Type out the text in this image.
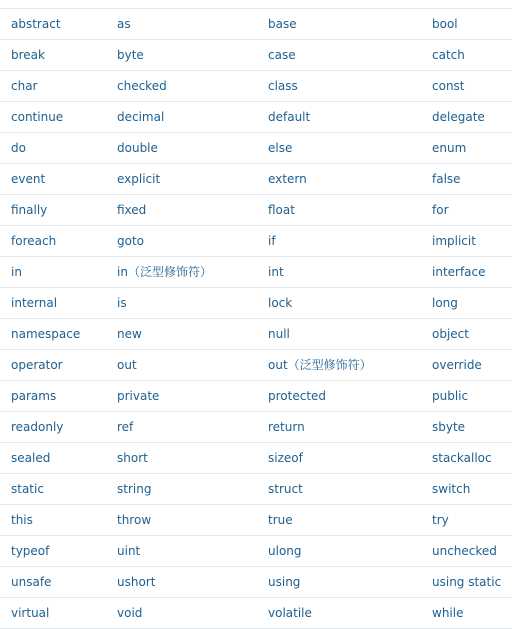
abstract	as	base	bool
break	byte	case	catch
char	checked	class	const
continue	decimal	default	delegate
do	double	else	enum
event	explicit	extern	false
finally	fixed	float	for
foreach	goto	if	implicit
in	in（泛型修饰符）	int	interface
internal	is	lock	long
namespace	new	null	object
operator	out	out（泛型修饰符）	override
params	private	protected	public
readonly	ref	return	sbyte
sealed	short	sizeof	stackalloc
static	string	struct	switch
this	throw	true	try
typeof	uint	ulong	unchecked
unsafe	ushort	using	using static
virtual	void	volatile	while
